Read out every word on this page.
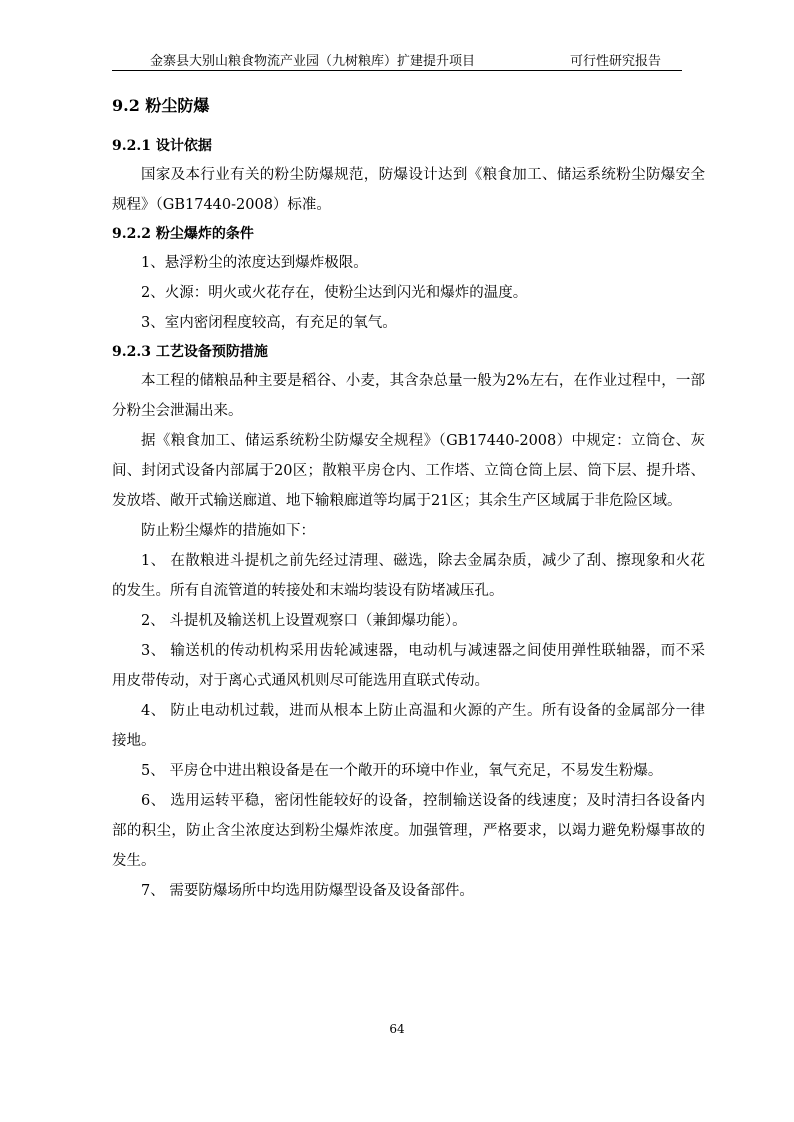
金寨县大别山粮食物流产业园（九树粮库）扩建提升项目	可行性研究报告
9.2 粉尘防爆
9.2.1 设计依据

国家及本行业有关的粉尘防爆规范，防爆设计达到《粮食加工、储运系统粉尘防爆安全规程》（GB17440-2008）标准。

9.2.2 粉尘爆炸的条件

1、悬浮粉尘的浓度达到爆炸极限。

2、火源：明火或火花存在，使粉尘达到闪光和爆炸的温度。

3、室内密闭程度较高，有充足的氧气。

9.2.3 工艺设备预防措施

本工程的储粮品种主要是稻谷、小麦，其含杂总量一般为2%左右，在作业过程中，一部分粉尘会泄漏出来。

据《粮食加工、储运系统粉尘防爆安全规程》（GB17440-2008）中规定：立筒仓、灰间、封闭式设备内部属于20区；散粮平房仓内、工作塔、立筒仓筒上层、筒下层、提升塔、发放塔、敞开式输送廊道、地下输粮廊道等均属于21区；其余生产区域属于非危险区域。

防止粉尘爆炸的措施如下：

1、 在散粮进斗提机之前先经过清理、磁选，除去金属杂质，减少了刮、擦现象和火花的发生。所有自流管道的转接处和末端均装设有防堵减压孔。

2、 斗提机及输送机上设置观察口（兼卸爆功能）。

3、 输送机的传动机构采用齿轮减速器，电动机与减速器之间使用弹性联轴器，而不采用皮带传动，对于离心式通风机则尽可能选用直联式传动。

4、 防止电动机过载，进而从根本上防止高温和火源的产生。所有设备的金属部分一律接地。

5、 平房仓中进出粮设备是在一个敞开的环境中作业，氧气充足，不易发生粉爆。

6、 选用运转平稳，密闭性能较好的设备，控制输送设备的线速度；及时清扫各设备内部的积尘，防止含尘浓度达到粉尘爆炸浓度。加强管理，严格要求，以竭力避免粉爆事故的发生。

7、 需要防爆场所中均选用防爆型设备及设备部件。

64
